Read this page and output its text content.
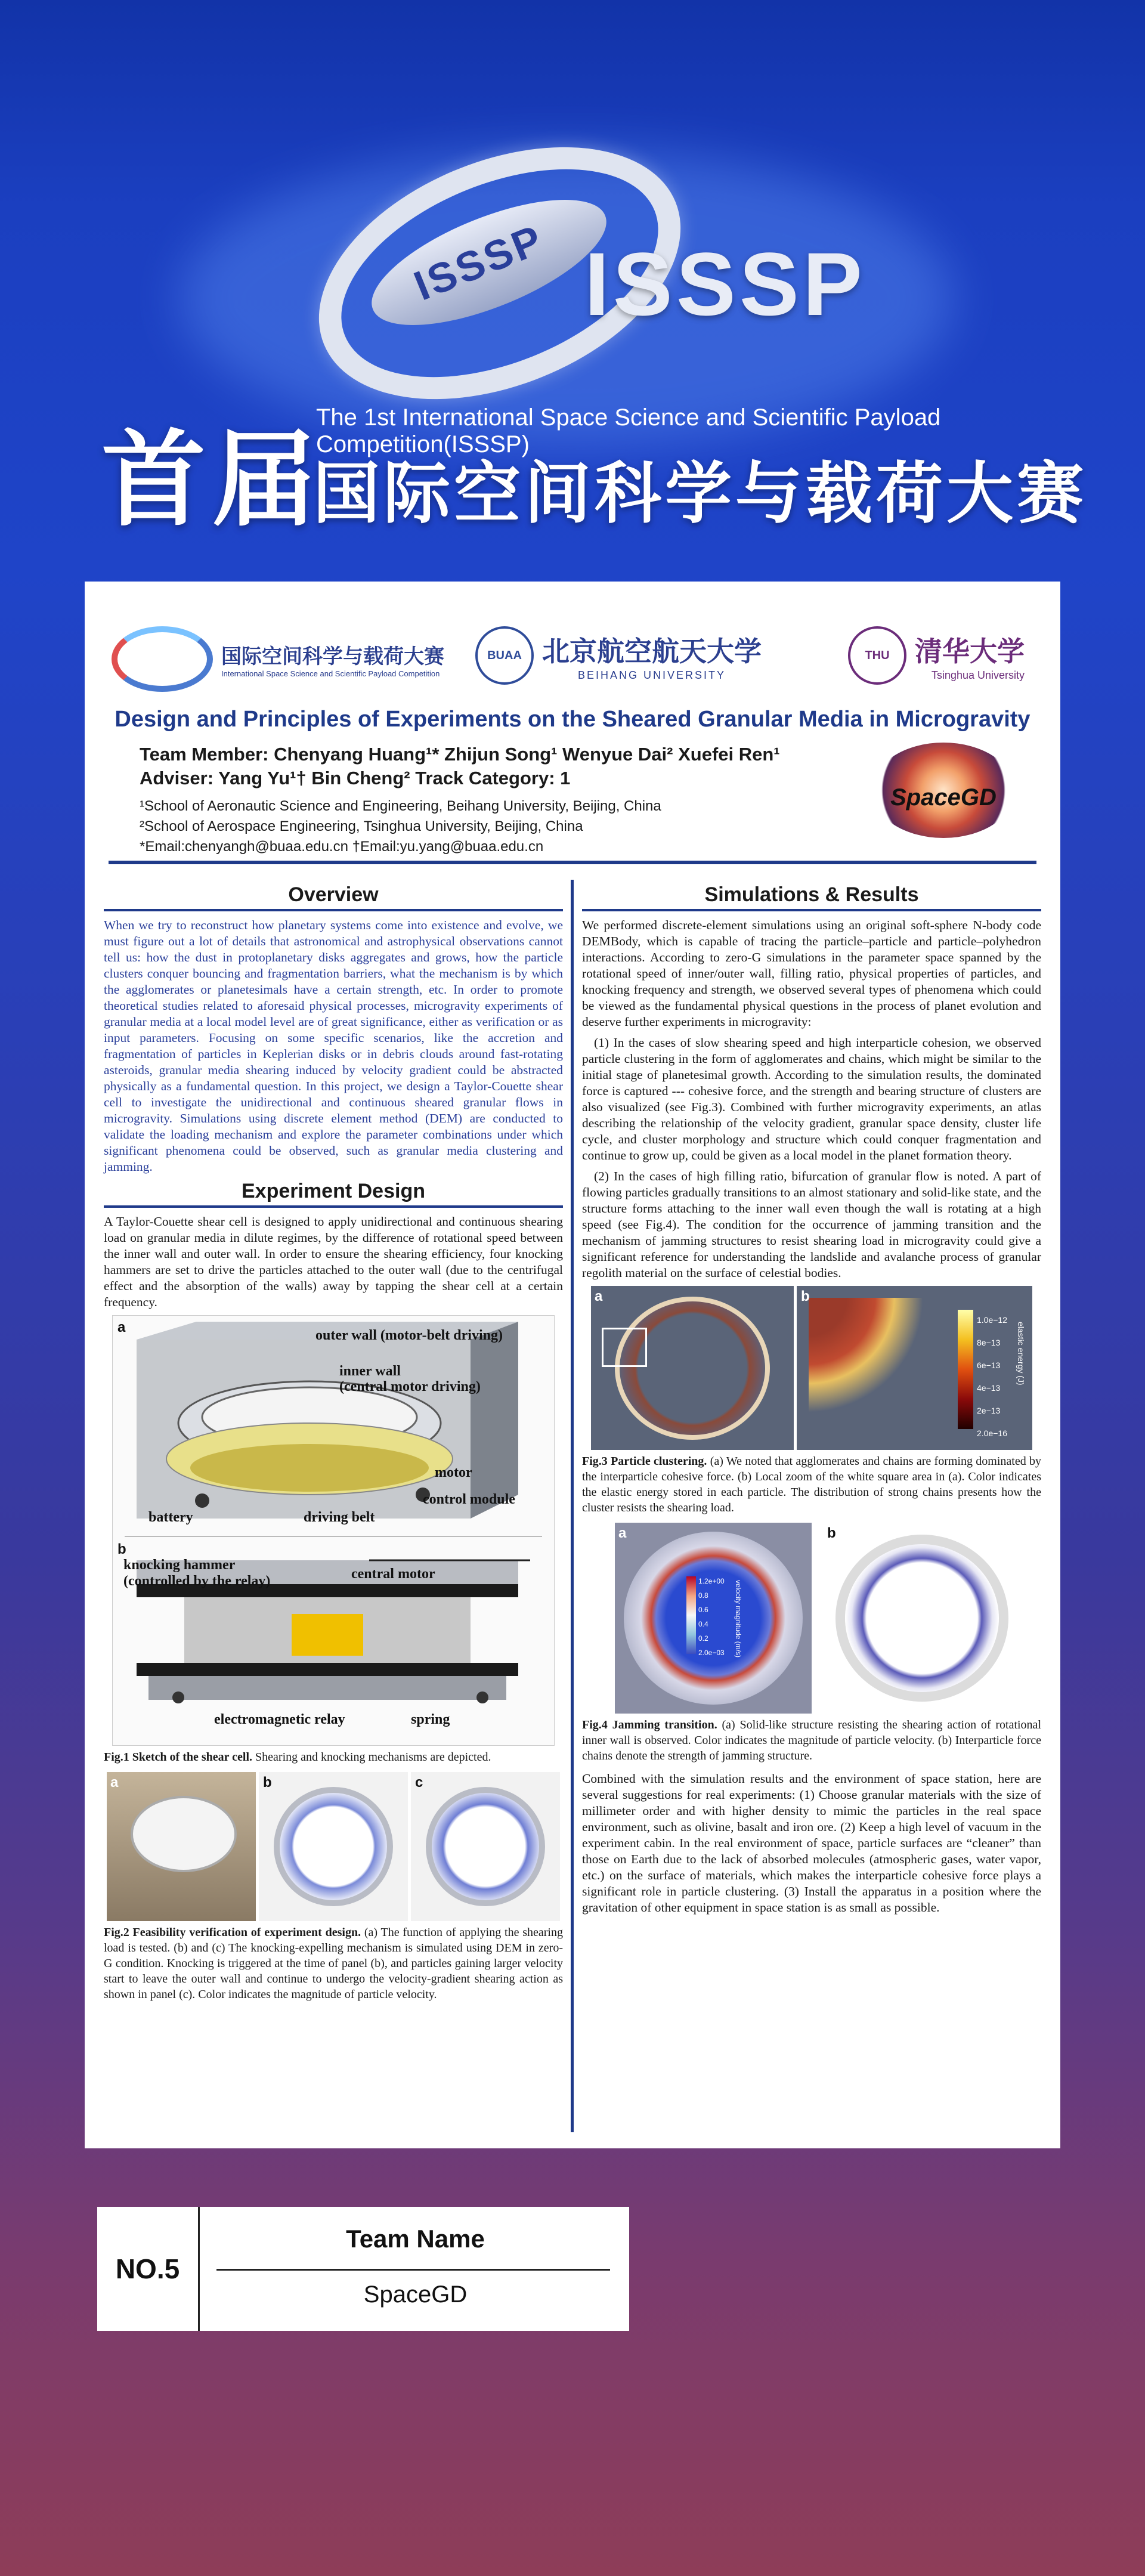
ISSSP ISSSP
首届
The 1st International Space Science and Scientific Payload Competition(ISSSP)
国际空间科学与载荷大赛
国际空间科学与载荷大赛
International Space Science and Scientific Payload Competition
BUAA 北京航空航天大学
BEIHANG UNIVERSITY
THU 清华大学
Tsinghua University
Design and Principles of Experiments on the Sheared Granular Media in Microgravity
Team Member: Chenyang Huang¹* Zhijun Song¹ Wenyue Dai² Xuefei Ren¹
Adviser: Yang Yu¹† Bin Cheng² Track Category: 1
¹School of Aeronautic Science and Engineering, Beihang University, Beijing, China
²School of Aerospace Engineering, Tsinghua University, Beijing, China
*Email:chenyangh@buaa.edu.cn †Email:yu.yang@buaa.edu.cn
SpaceGD
Overview

When we try to reconstruct how planetary systems come into existence and evolve, we must figure out a lot of details that astronomical and astrophysical observations cannot tell us: how the dust in protoplanetary disks aggregates and grows, how the particle clusters conquer bouncing and fragmentation barriers, what the mechanism is by which the agglomerates or planetesimals have a certain strength, etc. In order to promote theoretical studies related to aforesaid physical processes, microgravity experiments of granular media at a local model level are of great significance, either as verification or as input parameters. Focusing on some specific scenarios, like the accretion and fragmentation of particles in Keplerian disks or in debris clouds around fast-rotating asteroids, granular media shearing induced by velocity gradient could be abstracted physically as a fundamental question. In this project, we design a Taylor-Couette shear cell to investigate the unidirectional and continuous sheared granular flows in microgravity. Simulations using discrete element method (DEM) are conducted to validate the loading mechanism and explore the parameter combinations under which significant phenomena could be observed, such as granular media clustering and jamming.

Experiment Design

A Taylor-Couette shear cell is designed to apply unidirectional and continuous shearing load on granular media in dilute regimes, by the difference of rotational speed between the inner wall and outer wall. In order to ensure the shearing efficiency, four knocking hammers are set to drive the particles attached to the outer wall (due to the centrifugal effect and the absorption of the walls) away by tapping the shear cell at a certain frequency.

a	outer wall (motor-belt driving)
inner wall
(central motor driving)
motor
control module
battery	driving belt
b
knocking hammer
(controlled by the relay)	central motor
electromagnetic relay	spring

Fig.1 Sketch of the shear cell. Shearing and knocking mechanisms are depicted.

a	b	c

Fig.2 Feasibility verification of experiment design. (a) The function of applying the shearing load is tested. (b) and (c) The knocking-expelling mechanism is simulated using DEM in zero-G condition. Knocking is triggered at the time of panel (b), and particles gaining larger velocity start to leave the outer wall and continue to undergo the velocity-gradient shearing action as shown in panel (c). Color indicates the magnitude of particle velocity.

Simulations & Results

We performed discrete-element simulations using an original soft-sphere N-body code DEMBody, which is capable of tracing the particle–particle and particle–polyhedron interactions. According to zero-G simulations in the parameter space spanned by the rotational speed of inner/outer wall, filling ratio, physical properties of particles, and knocking frequency and strength, we observed several types of phenomena which could be viewed as the fundamental physical questions in the process of planet evolution and deserve further experiments in microgravity:

(1) In the cases of slow shearing speed and high interparticle cohesion, we observed particle clustering in the form of agglomerates and chains, which might be similar to the initial stage of planetesimal growth. According to the simulation results, the dominated force is captured --- cohesive force, and the strength and bearing structure of clusters are also visualized (see Fig.3). Combined with further microgravity experiments, an atlas describing the relationship of the velocity gradient, granular space density, cluster life cycle, and cluster morphology and structure which could conquer fragmentation and continue to grow up, could be given as a local model in the planet formation theory.

(2) In the cases of high filling ratio, bifurcation of granular flow is noted. A part of flowing particles gradually transitions to an almost stationary and solid-like state, and the structure forms attaching to the inner wall even though the wall is rotating at a high speed (see Fig.4). The condition for the occurrence of jamming transition and the mechanism of jamming structures to resist shearing load in microgravity could give a significant reference for understanding the landslide and avalanche process of granular regolith material on the surface of celestial bodies.

1.0e−12
8e−13
6e−13
4e−13
2e−13
2.0e−16
elastic energy (J)
a	b

Fig.3 Particle clustering. (a) We noted that agglomerates and chains are forming dominated by the interparticle cohesive force. (b) Local zoom of the white square area in (a). Color indicates the elastic energy stored in each particle. The distribution of strong chains presents how the cluster resists the shearing load.

1.2e+00
0.8
0.6
0.4
0.2
2.0e−03 velocity magnitude (m/s)
a	b

Fig.4 Jamming transition. (a) Solid-like structure resisting the shearing action of rotational inner wall is observed. Color indicates the magnitude of particle velocity. (b) Interparticle force chains denote the strength of jamming structure.

Combined with the simulation results and the environment of space station, here are several suggestions for real experiments: (1) Choose granular materials with the size of millimeter order and with higher density to mimic the particles in the real space environment, such as olivine, basalt and iron ore. (2) Keep a high level of vacuum in the experiment cabin. In the real environment of space, particle surfaces are “cleaner” than those on Earth due to the lack of absorbed molecules (atmospheric gases, water vapor, etc.) on the surface of materials, which makes the interparticle cohesive force plays a significant role in particle clustering. (3) Install the apparatus in a position where the gravitation of other equipment in space station is as small as possible.

NO.5
Team Name
SpaceGD
